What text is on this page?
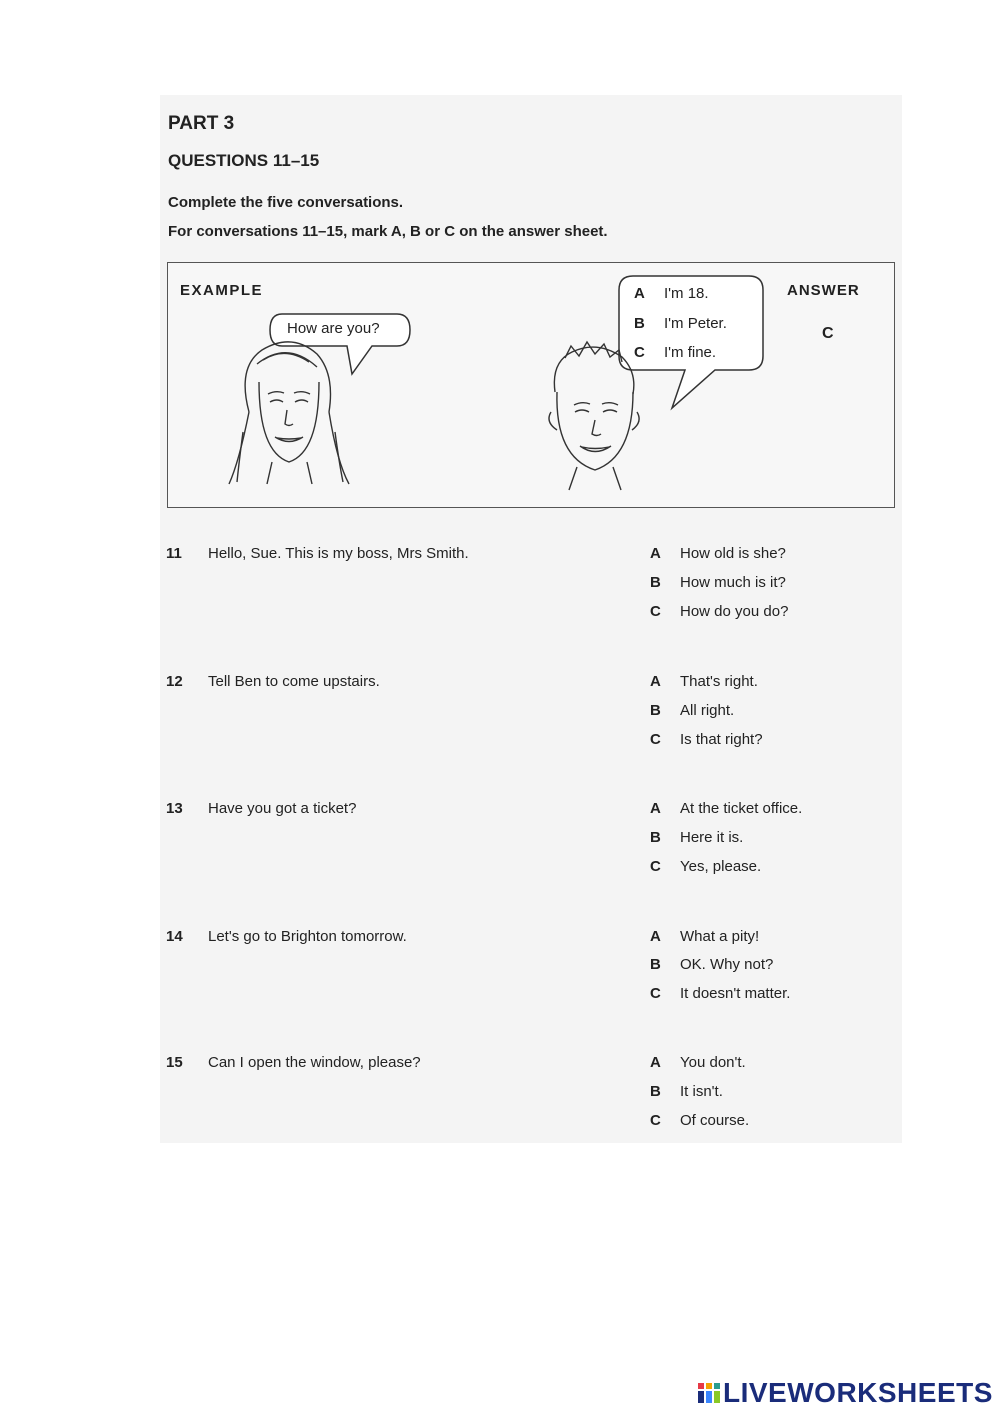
PART 3
QUESTIONS 11–15
Complete the five conversations.
For conversations 11–15, mark A, B or C on the answer sheet.
EXAMPLE
How are you?
A I'm 18.
B I'm Peter.
C I'm fine.
ANSWER
C
11 Hello, Sue. This is my boss, Mrs Smith.	A How old is she?
B How much is it?
C How do you do?
12 Tell Ben to come upstairs.	A That's right.
B All right.
C Is that right?
13 Have you got a ticket?	A At the ticket office.
B Here it is.
C Yes, please.
14 Let's go to Brighton tomorrow.	A What a pity!
B OK. Why not?
C It doesn't matter.
15 Can I open the window, please?	A You don't.
B It isn't.
C Of course.
LIVEWORKSHEETS
